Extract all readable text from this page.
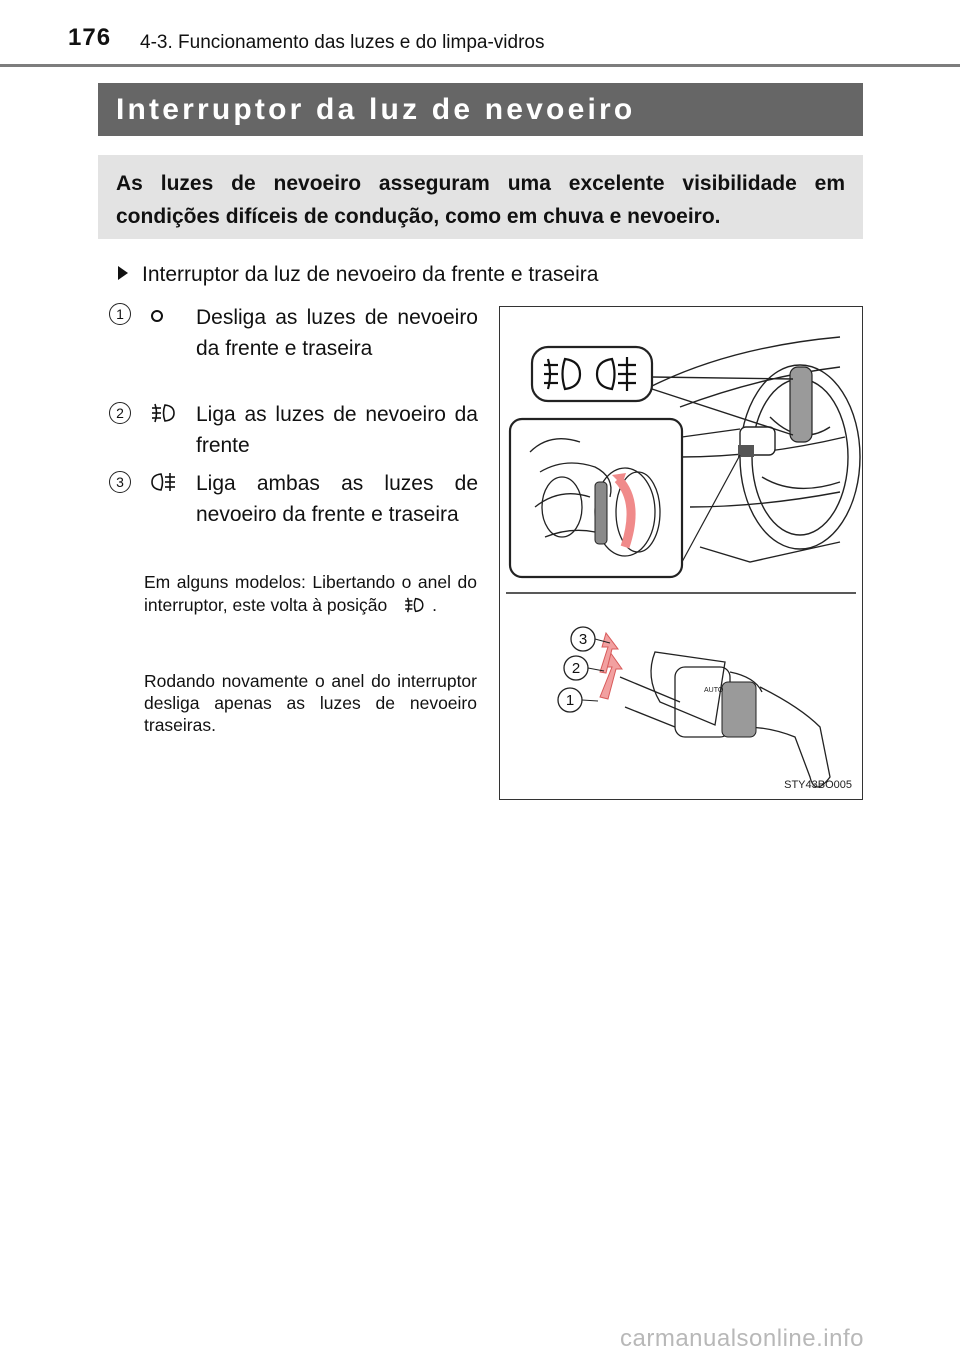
176 4-3. Funcionamento das luzes e do limpa-vidros
Interruptor da luz de nevoeiro
As luzes de nevoeiro asseguram uma excelente visibilidade em condições difíceis de condução, como em chuva e nevoeiro.
Interruptor da luz de nevoeiro da frente e traseira
1	Desliga as luzes de nevoeiro da frente e traseira
2	Liga as luzes de nevoeiro da frente
3	Liga ambas as luzes de nevoeiro da frente e traseira
Em alguns modelos: Libertando o anel do interruptor, este volta à posição	.
Rodando novamente o anel do interruptor desliga apenas as luzes de nevoeiro traseiras.
AUTO
3
2
1
STY43BO005
carmanualsonline.info
